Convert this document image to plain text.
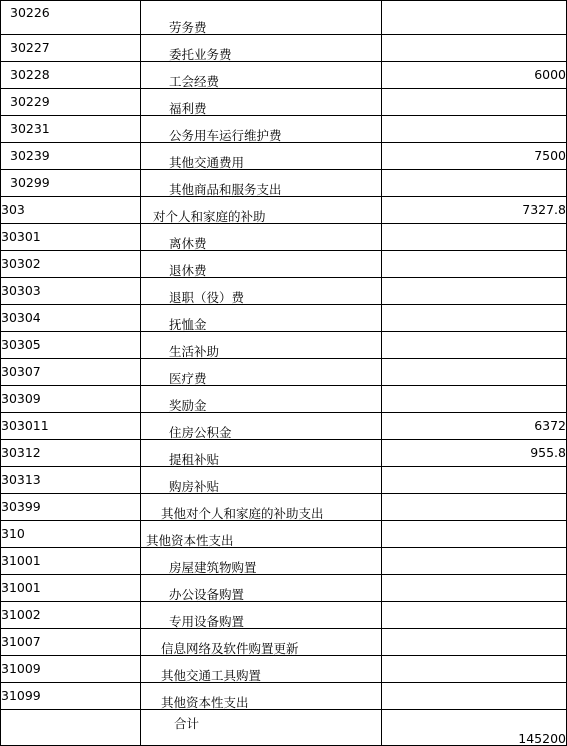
30226	劳务费	
30227	委托业务费	
30228	工会经费	6000
30229	福利费	
30231	公务用车运行维护费	
30239	其他交通费用	7500
30299	其他商品和服务支出	
303	对个人和家庭的补助	7327.8
30301	离休费	
30302	退休费	
30303	退职（役）费	
30304	抚恤金	
30305	生活补助	
30307	医疗费	
30309	奖励金	
303011	住房公积金	6372
30312	提租补贴	955.8
30313	购房补贴	
30399	其他对个人和家庭的补助支出	
310	其他资本性支出	
31001	房屋建筑物购置	
31001	办公设备购置	
31002	专用设备购置	
31007	信息网络及软件购置更新	
31009	其他交通工具购置	
31099	其他资本性支出	
	合计	145200
